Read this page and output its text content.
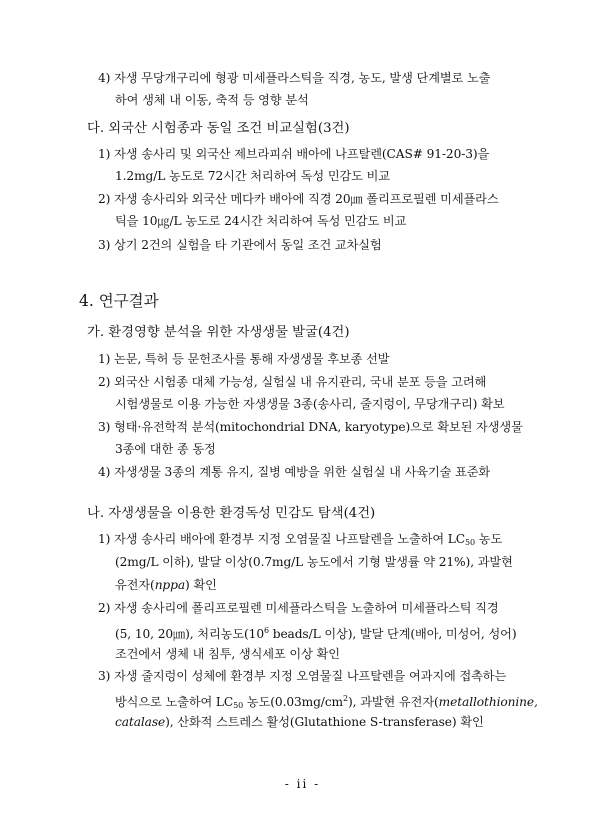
4) 자생 무당개구리에 형광 미세플라스틱을 직경, 농도, 발생 단계별로 노출
하여 생체 내 이동, 축적 등 영향 분석
다. 외국산 시험종과 동일 조건 비교실험(3건)
1) 자생 송사리 및 외국산 제브라피쉬 배아에 나프탈렌(CAS# 91-20-3)을
1.2mg/L 농도로 72시간 처리하여 독성 민감도 비교
2) 자생 송사리와 외국산 메다카 배아에 직경 20㎛ 폴리프로필렌 미세플라스
틱을 10㎍/L 농도로 24시간 처리하여 독성 민감도 비교
3) 상기 2건의 실험을 타 기관에서 동일 조건 교차실험
4. 연구결과
가. 환경영향 분석을 위한 자생생물 발굴(4건)
1) 논문, 특허 등 문헌조사를 통해 자생생물 후보종 선발
2) 외국산 시험종 대체 가능성, 실험실 내 유지관리, 국내 분포 등을 고려해
시험생물로 이용 가능한 자생생물 3종(송사리, 줄지렁이, 무당개구리) 확보
3) 형태·유전학적 분석(mitochondrial DNA, karyotype)으로 확보된 자생생물
3종에 대한 종 동정
4) 자생생물 3종의 계통 유지, 질병 예방을 위한 실험실 내 사육기술 표준화
나. 자생생물을 이용한 환경독성 민감도 탐색(4건)
1) 자생 송사리 배아에 환경부 지정 오염물질 나프탈렌을 노출하여 $LC_{50}$ 농도
(2mg/L 이하), 발달 이상(0.7mg/L 농도에서 기형 발생률 약 21%), 과발현
유전자(nppa) 확인
2) 자생 송사리에 폴리프로필렌 미세플라스틱을 노출하여 미세플라스틱 직경
(5, 10, 20㎛), 처리농도($10^6$ beads/L 이상), 발달 단계(배아, 미성어, 성어)
조건에서 생체 내 침투, 생식세포 이상 확인
3) 자생 줄지렁이 성체에 환경부 지정 오염물질 나프탈렌을 여과지에 접촉하는
방식으로 노출하여 $LC_{50}$ 농도$(0.03mg/cm^2)$, 과발현 유전자(metallothionine,
catalase), 산화적 스트레스 활성(Glutathione S-transferase) 확인
- ii -
